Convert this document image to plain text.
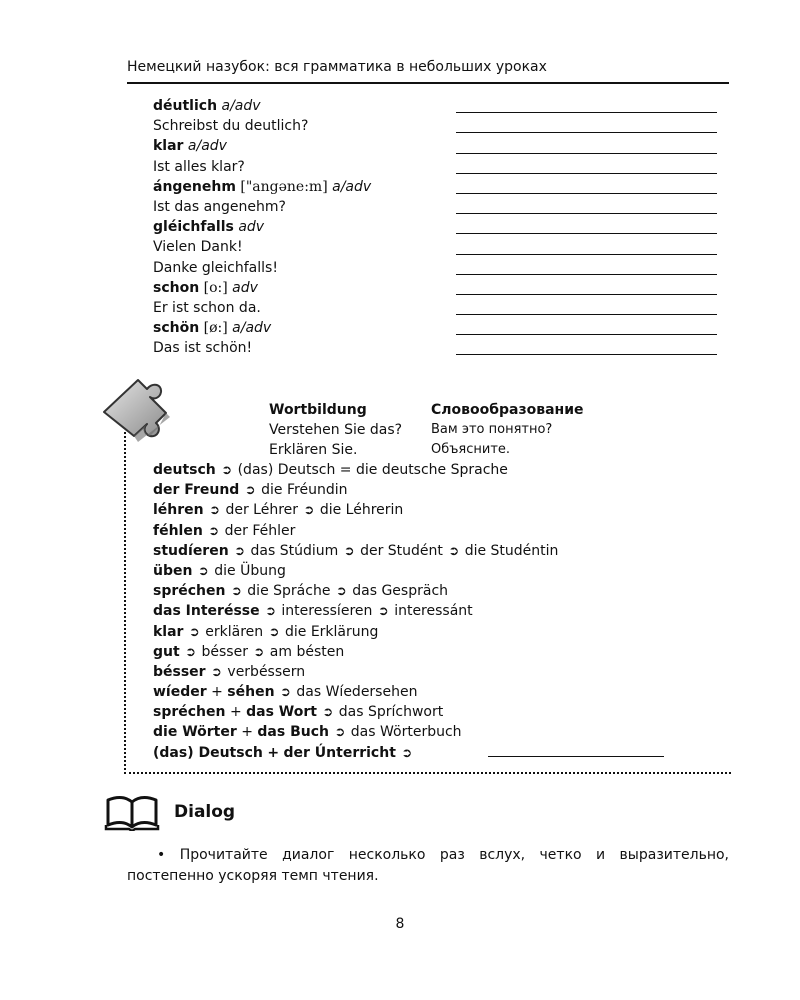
Немецкий назубок: вся грамматика в небольших уроках
déutlich a/adv
Schreibst du deutlich?
klar a/adv
Ist alles klar?
ángenehm ["angəne:m] a/adv
Ist das angenehm?
gléichfalls adv
Vielen Dank!
Danke gleichfalls!
schon [o:] adv
Er ist schon da.
schön [ø:] a/adv
Das ist schön!
Wortbildung
Verstehen Sie das?
Erklären Sie.
Словообразование
Вам это понятно?
Объясните.
deutsch ➲ (das) Deutsch = die deutsche Sprache
der Freund ➲ die Fréundin
léhren ➲ der Léhrer ➲ die Léhrerin
féhlen ➲ der Féhler
studíeren ➲ das Stúdium ➲ der Studént ➲ die Studéntin
üben ➲ die Übung
spréchen ➲ die Spráche ➲ das Gespräch
das Interésse ➲ interessíeren ➲ interessánt
klar ➲ erklären ➲ die Erklärung
gut ➲ bésser ➲ am bésten
bésser ➲ verbéssern
wíeder + séhen ➲ das Wíedersehen
spréchen + das Wort ➲ das Spríchwort
die Wörter + das Buch ➲ das Wörterbuch
(das) Deutsch + der Únterricht ➲
Dialog
• Прочитайте диалог несколько раз вслух, четко и выразительно, постепенно ускоряя темп чтения.
8
